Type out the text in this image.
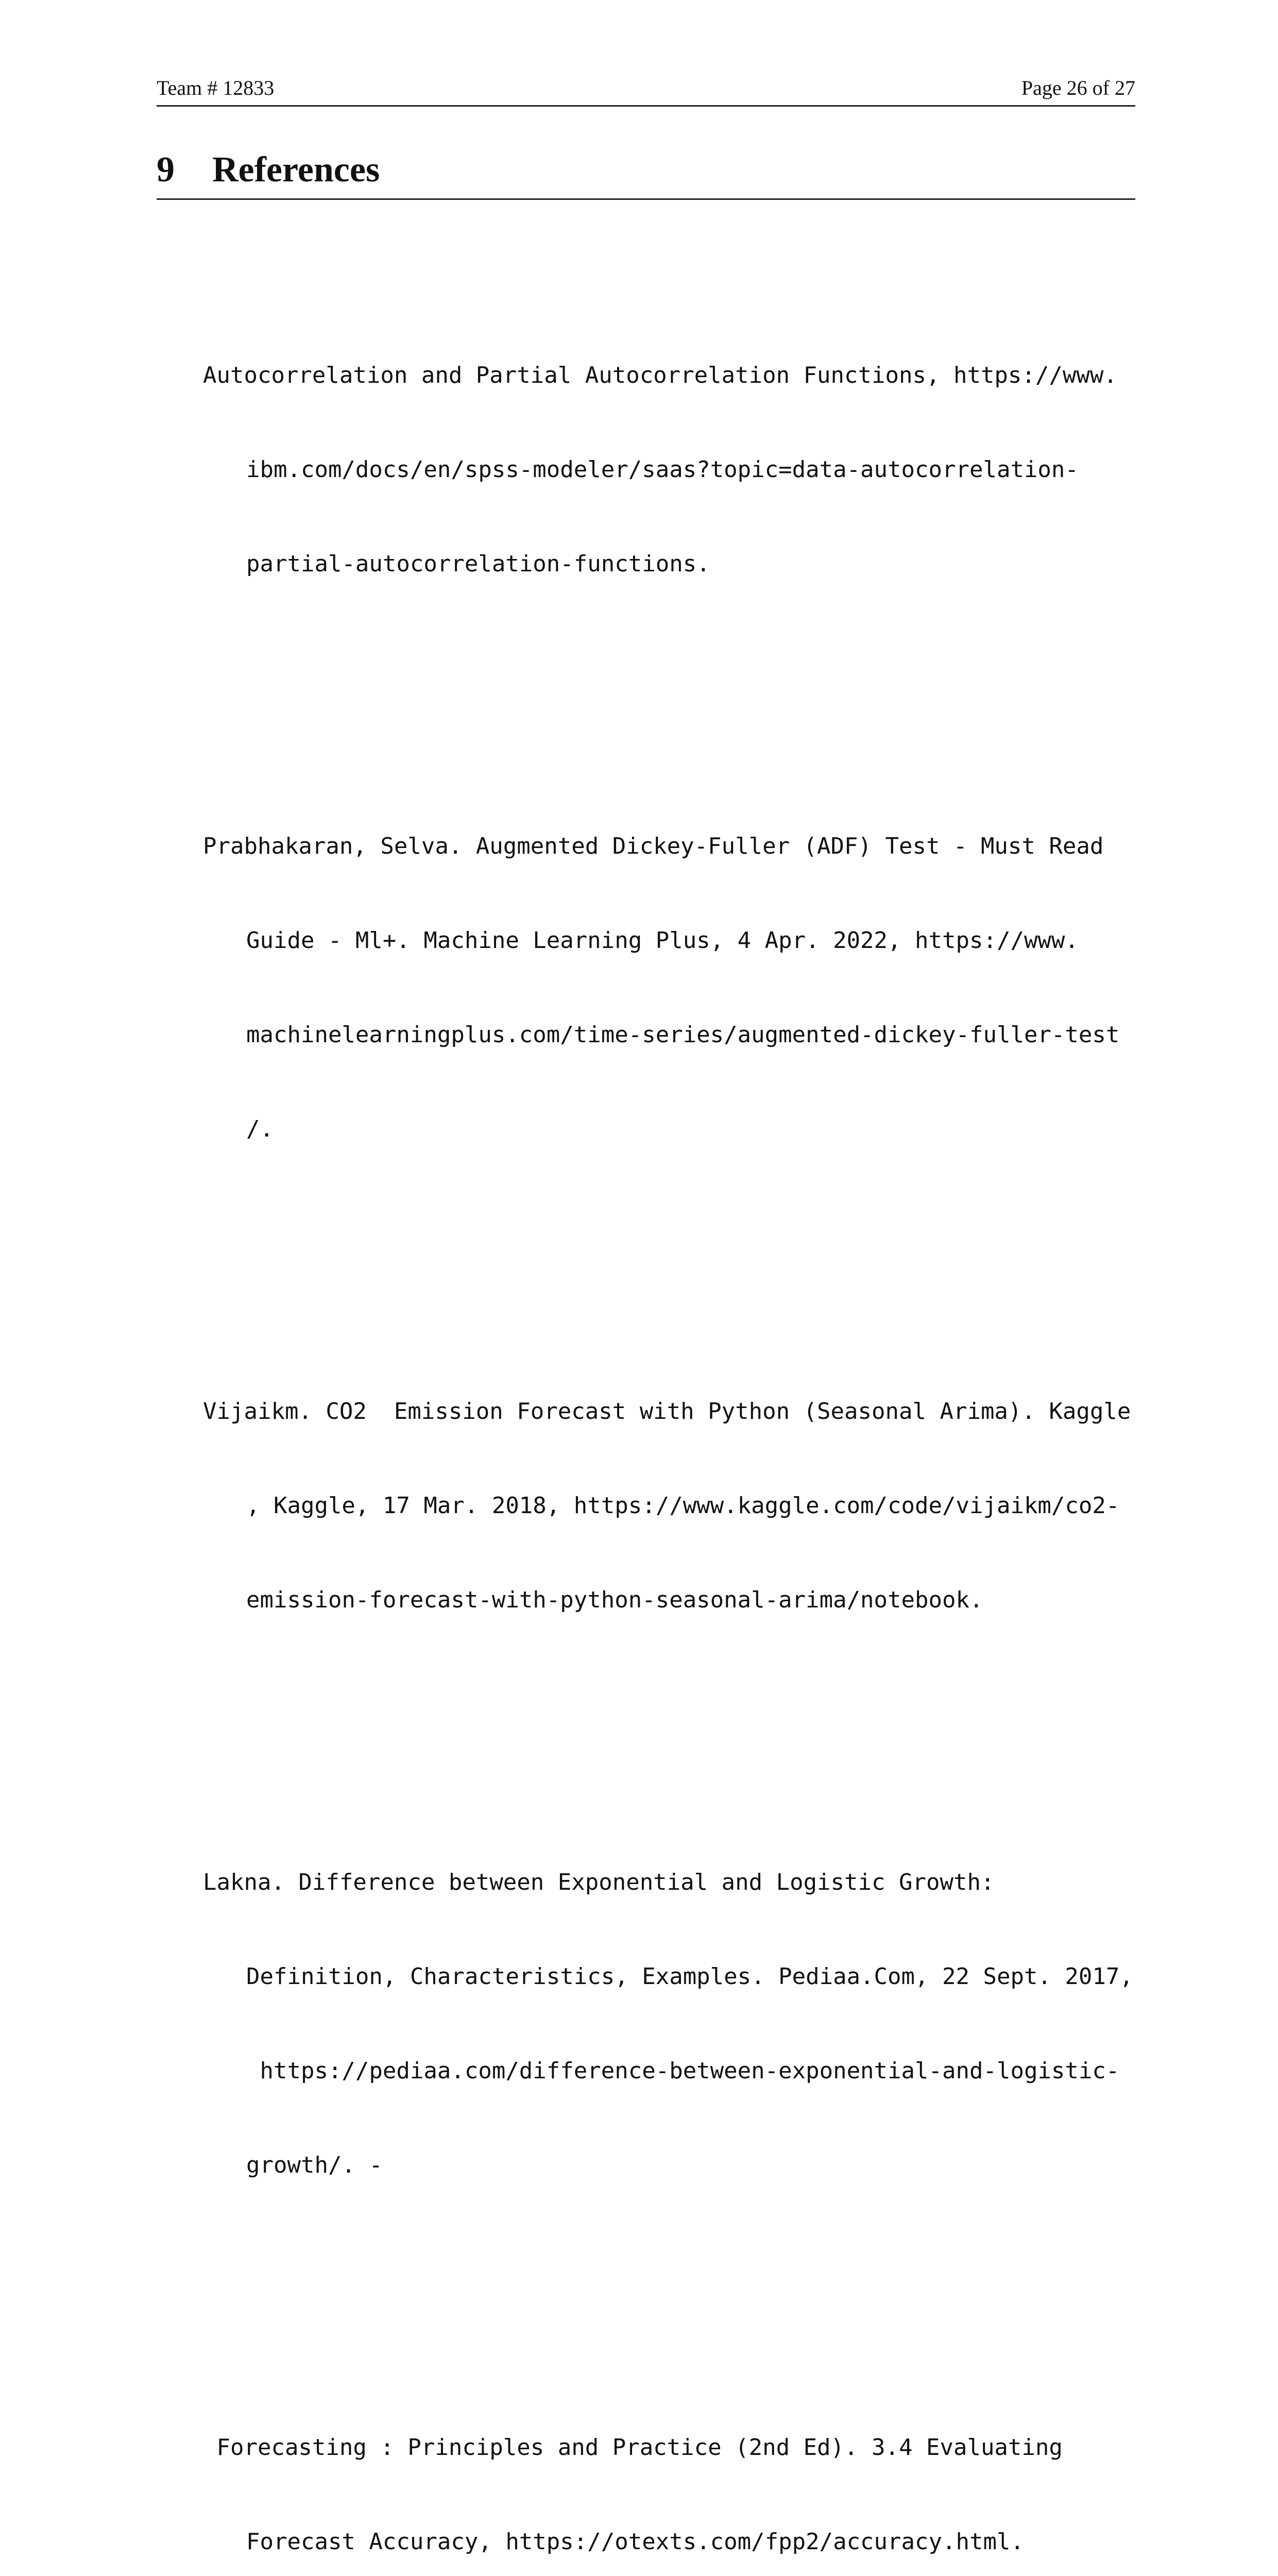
Team # 12833	Page 26 of 27
9 References

Autocorrelation and Partial Autocorrelation Functions, https://www.

ibm.com/docs/en/spss-modeler/saas?topic=data-autocorrelation-

partial-autocorrelation-functions.

Prabhakaran, Selva. Augmented Dickey-Fuller (ADF) Test - Must Read

Guide - Ml+. Machine Learning Plus, 4 Apr. 2022, https://www.

machinelearningplus.com/time-series/augmented-dickey-fuller-test

/.

Vijaikm. CO2  Emission Forecast with Python (Seasonal Arima). Kaggle

, Kaggle, 17 Mar. 2018, https://www.kaggle.com/code/vijaikm/co2-

emission-forecast-with-python-seasonal-arima/notebook.

Lakna. Difference between Exponential and Logistic Growth:

Definition, Characteristics, Examples. Pediaa.Com, 22 Sept. 2017,

https://pediaa.com/difference-between-exponential-and-logistic-

growth/. -

Forecasting : Principles and Practice (2nd Ed). 3.4 Evaluating

Forecast Accuracy, https://otexts.com/fpp2/accuracy.html.
